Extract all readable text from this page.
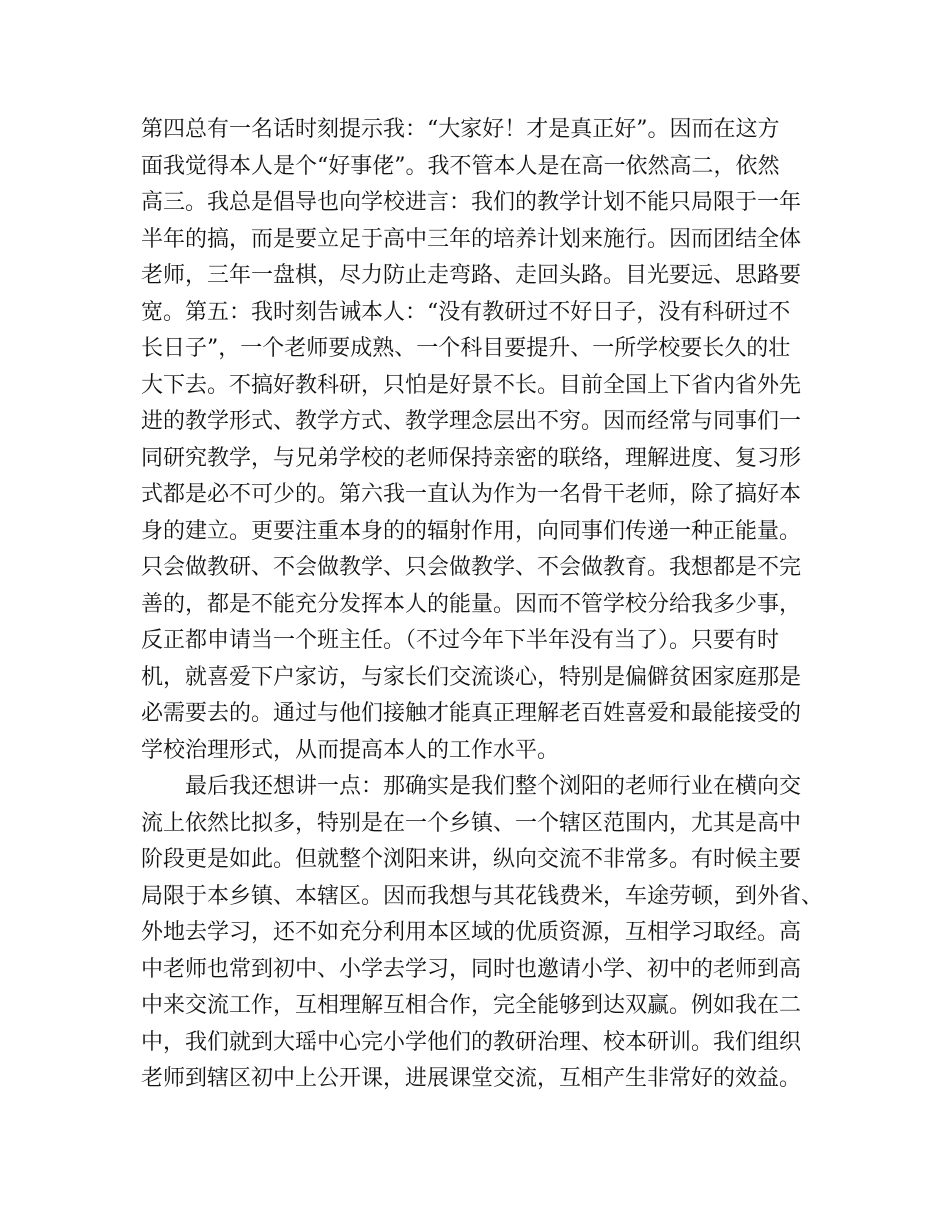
第四总有一名话时刻提示我：“大家好！才是真正好”。因而在这方
面我觉得本人是个“好事佬”。我不管本人是在高一依然高二，依然
高三。我总是倡导也向学校进言：我们的教学计划不能只局限于一年
半年的搞，而是要立足于高中三年的培养计划来施行。因而团结全体
老师，三年一盘棋，尽力防止走弯路、走回头路。目光要远、思路要
宽。第五：我时刻告诫本人：“没有教研过不好日子，没有科研过不
长日子”，一个老师要成熟、一个科目要提升、一所学校要长久的壮
大下去。不搞好教科研，只怕是好景不长。目前全国上下省内省外先
进的教学形式、教学方式、教学理念层出不穷。因而经常与同事们一
同研究教学，与兄弟学校的老师保持亲密的联络，理解进度、复习形
式都是必不可少的。第六我一直认为作为一名骨干老师，除了搞好本
身的建立。更要注重本身的的辐射作用，向同事们传递一种正能量。
只会做教研、不会做教学、只会做教学、不会做教育。我想都是不完
善的，都是不能充分发挥本人的能量。因而不管学校分给我多少事，
反正都申请当一个班主任。（不过今年下半年没有当了）。只要有时
机，就喜爱下户家访，与家长们交流谈心，特别是偏僻贫困家庭那是
必需要去的。通过与他们接触才能真正理解老百姓喜爱和最能接受的
学校治理形式，从而提高本人的工作水平。
最后我还想讲一点：那确实是我们整个浏阳的老师行业在横向交
流上依然比拟多，特别是在一个乡镇、一个辖区范围内，尤其是高中
阶段更是如此。但就整个浏阳来讲，纵向交流不非常多。有时候主要
局限于本乡镇、本辖区。因而我想与其花钱费米，车途劳顿，到外省、
外地去学习，还不如充分利用本区域的优质资源，互相学习取经。高
中老师也常到初中、小学去学习，同时也邀请小学、初中的老师到高
中来交流工作，互相理解互相合作，完全能够到达双赢。例如我在二
中，我们就到大瑶中心完小学他们的教研治理、校本研训。我们组织
老师到辖区初中上公开课，进展课堂交流，互相产生非常好的效益。
